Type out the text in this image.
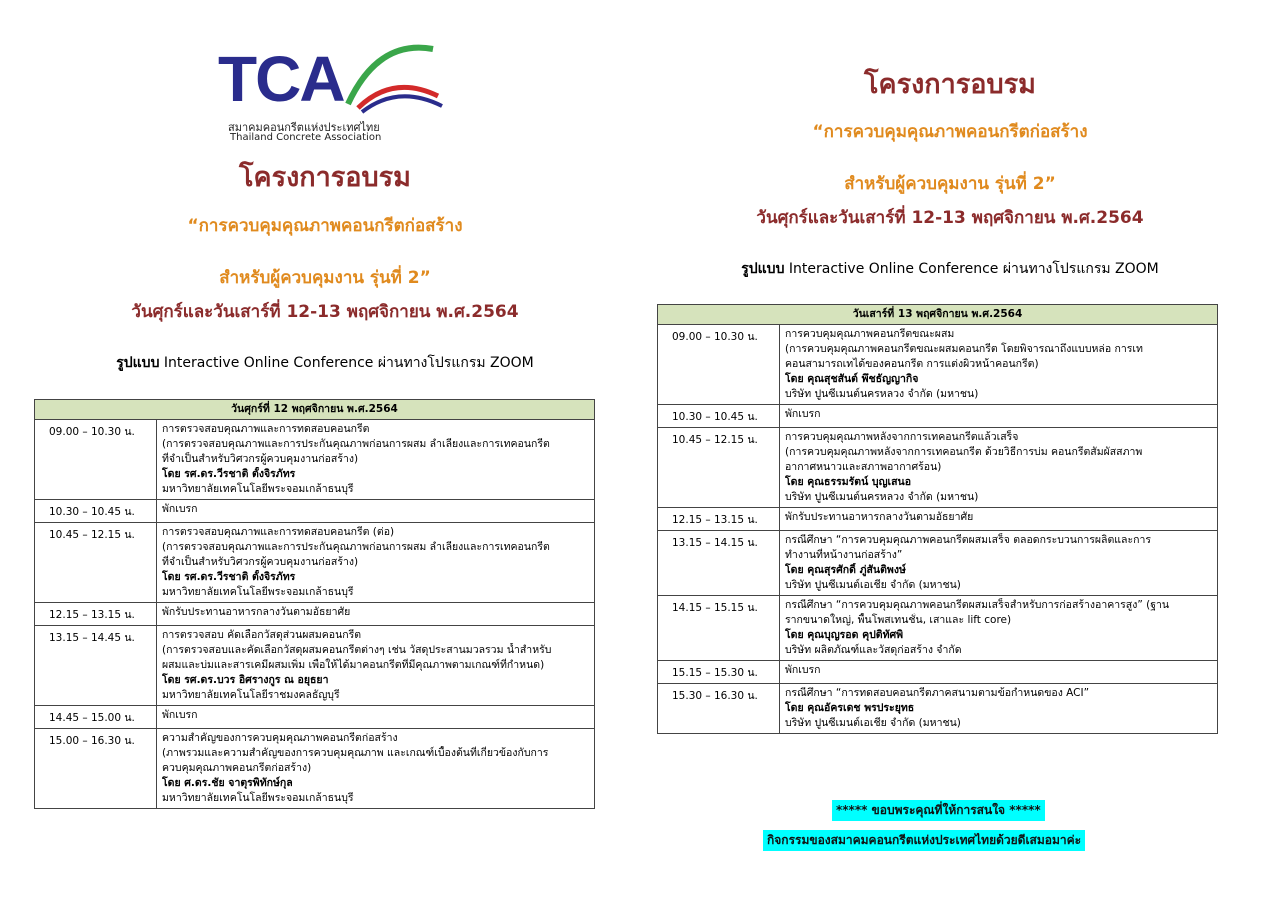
TCA
สมาคมคอนกรีตแห่งประเทศไทย
Thailand Concrete Association
โครงการอบรม
“การควบคุมคุณภาพคอนกรีตก่อสร้าง
สำหรับผู้ควบคุมงาน รุ่นที่ 2”
วันศุกร์และวันเสาร์ที่ 12-13 พฤศจิกายน พ.ศ.2564
รูปแบบ Interactive Online Conference ผ่านทางโปรแกรม ZOOM
วันศุกร์ที่ 12 พฤศจิกายน พ.ศ.2564	
09.00 – 10.30 น.	การตรวจสอบคุณภาพและการทดสอบคอนกรีต
(การตรวจสอบคุณภาพและการประกันคุณภาพก่อนการผสม ลำเลียงและการเทคอนกรีต
ที่จำเป็นสำหรับวิศวกรผู้ควบคุมงานก่อสร้าง)
โดย รศ.ดร.วีรชาติ ตั้งจิรภัทร
มหาวิทยาลัยเทคโนโลยีพระจอมเกล้าธนบุรี

10.30 – 10.45 น.	พักเบรก

10.45 – 12.15 น.	การตรวจสอบคุณภาพและการทดสอบคอนกรีต (ต่อ)
(การตรวจสอบคุณภาพและการประกันคุณภาพก่อนการผสม ลำเลียงและการเทคอนกรีต
ที่จำเป็นสำหรับวิศวกรผู้ควบคุมงานก่อสร้าง)
โดย รศ.ดร.วีรชาติ ตั้งจิรภัทร
มหาวิทยาลัยเทคโนโลยีพระจอมเกล้าธนบุรี

12.15 – 13.15 น.	พักรับประทานอาหารกลางวันตามอัธยาศัย

13.15 – 14.45 น.	การตรวจสอบ คัดเลือกวัสดุส่วนผสมคอนกรีต
(การตรวจสอบและคัดเลือกวัสดุผสมคอนกรีตต่างๆ เช่น วัสดุประสานมวลรวม น้ำสำหรับ
ผสมและบ่มและสารเคมีผสมเพิ่ม เพื่อให้ได้มาคอนกรีตที่มีคุณภาพตามเกณฑ์ที่กำหนด)
โดย รศ.ดร.บวร อิศรางกูร ณ อยุธยา
มหาวิทยาลัยเทคโนโลยีราชมงคลธัญบุรี

14.45 – 15.00 น.	พักเบรก

15.00 – 16.30 น.	ความสำคัญของการควบคุมคุณภาพคอนกรีตก่อสร้าง
(ภาพรวมและความสำคัญของการควบคุมคุณภาพ และเกณฑ์เบื้องต้นที่เกี่ยวข้องกับการ
ควบคุมคุณภาพคอนกรีตก่อสร้าง)
โดย ศ.ดร.ชัย จาตุรพิทักษ์กุล
มหาวิทยาลัยเทคโนโลยีพระจอมเกล้าธนบุรี
โครงการอบรม
“การควบคุมคุณภาพคอนกรีตก่อสร้าง
สำหรับผู้ควบคุมงาน รุ่นที่ 2”
วันศุกร์และวันเสาร์ที่ 12-13 พฤศจิกายน พ.ศ.2564
รูปแบบ Interactive Online Conference ผ่านทางโปรแกรม ZOOM
วันเสาร์ที่ 13 พฤศจิกายน พ.ศ.2564	
09.00 – 10.30 น.	การควบคุมคุณภาพคอนกรีตขณะผสม
(การควบคุมคุณภาพคอนกรีตขณะผสมคอนกรีต โดยพิจารณาถึงแบบหล่อ การเท
คอนสามารถเทได้ของคอนกรีต การแต่งผิวหน้าคอนกรีต)
โดย คุณสุชสันต์ พึชธัญญากิจ
บริษัท ปูนซีเมนต์นครหลวง จำกัด (มหาชน)

10.30 – 10.45 น.	พักเบรก

10.45 – 12.15 น.	การควบคุมคุณภาพหลังจากการเทคอนกรีตแล้วเสร็จ
(การควบคุมคุณภาพหลังจากการเทคอนกรีต ด้วยวิธีการบ่ม คอนกรีตสัมผัสสภาพ
อากาศหนาวและสภาพอากาศร้อน)
โดย คุณธรรมรัตน์ บุญเสนอ
บริษัท ปูนซีเมนต์นครหลวง จำกัด (มหาชน)

12.15 – 13.15 น.	พักรับประทานอาหารกลางวันตามอัธยาศัย

13.15 – 14.15 น.	กรณีศึกษา “การควบคุมคุณภาพคอนกรีตผสมเสร็จ ตลอดกระบวนการผลิตและการ
ทำงานที่หน้างานก่อสร้าง”
โดย คุณสุรศักดิ์ ภู่สันติพงษ์
บริษัท ปูนซีเมนต์เอเชีย จำกัด (มหาชน)

14.15 – 15.15 น.	กรณีศึกษา “การควบคุมคุณภาพคอนกรีตผสมเสร็จสำหรับการก่อสร้างอาคารสูง” (ฐาน
รากขนาดใหญ่, พื้นโพสเทนชั่น, เสาและ lift core)
โดย คุณบุญรอด คุปติทัศพิ
บริษัท ผลิตภัณฑ์และวัสดุก่อสร้าง จำกัด

15.15 – 15.30 น.	พักเบรก

15.30 – 16.30 น.	กรณีศึกษา “การทดสอบคอนกรีตภาคสนามตามข้อกำหนดของ ACI”
โดย คุณอัครเดช พรประยุทธ
บริษัท ปูนซีเมนต์เอเชีย จำกัด (มหาชน)
***** ขอบพระคุณที่ให้การสนใจ *****
กิจกรรมของสมาคมคอนกรีตแห่งประเทศไทยด้วยดีเสมอมาค่ะ
